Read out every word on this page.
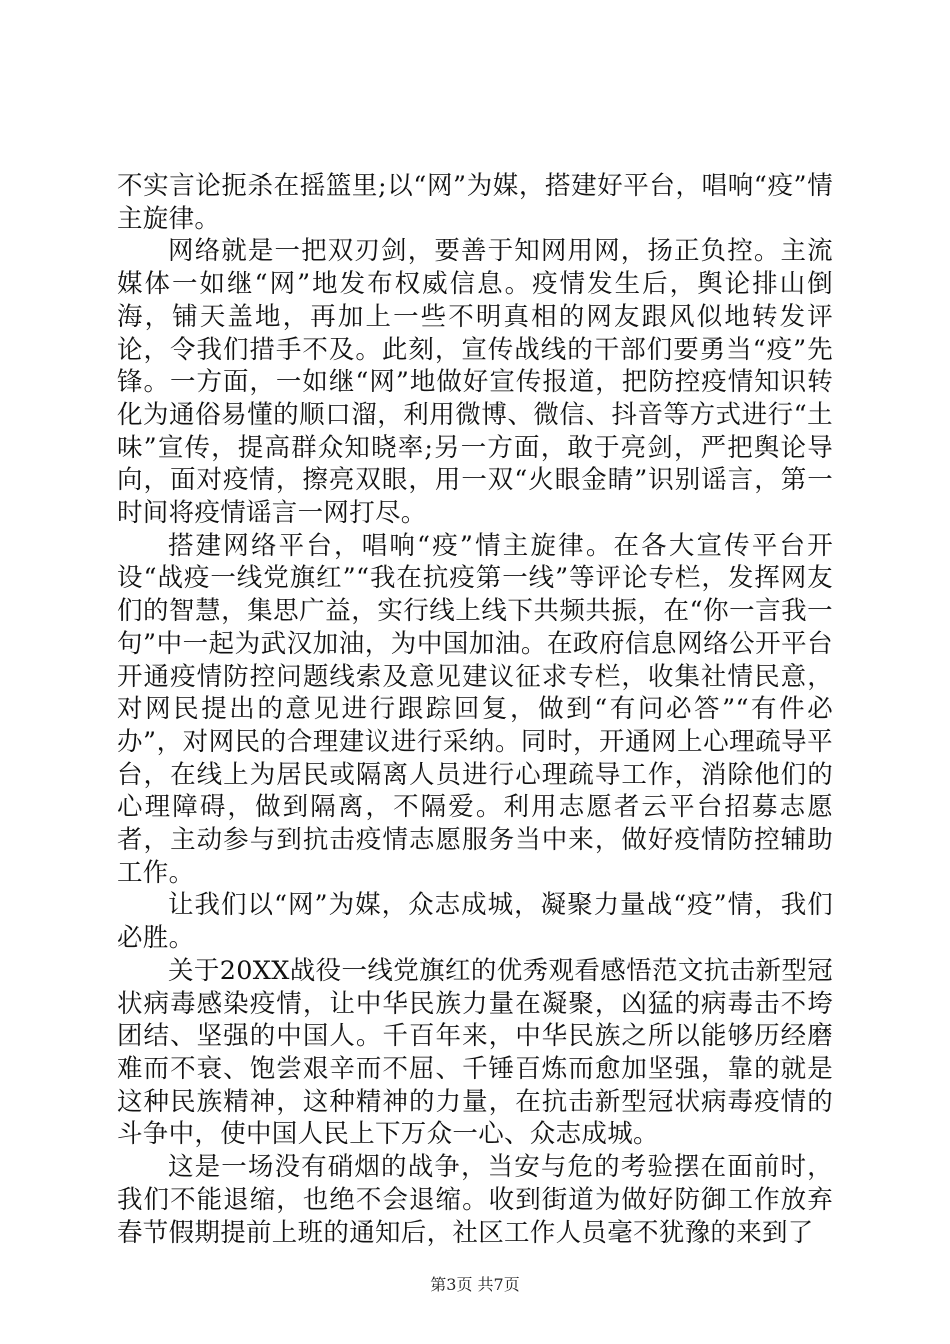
不实言论扼杀在摇篮里;以“网”为媒，搭建好平台，唱响“疫”情主旋律。

网络就是一把双刃剑，要善于知网用网，扬正负控。主流媒体一如继“网”地发布权威信息。疫情发生后，舆论排山倒海，铺天盖地，再加上一些不明真相的网友跟风似地转发评论，令我们措手不及。此刻，宣传战线的干部们要勇当“疫”先锋。一方面，一如继“网”地做好宣传报道，把防控疫情知识转化为通俗易懂的顺口溜，利用微博、微信、抖音等方式进行“土味”宣传，提高群众知晓率;另一方面，敢于亮剑，严把舆论导向，面对疫情，擦亮双眼，用一双“火眼金睛”识别谣言，第一时间将疫情谣言一网打尽。

搭建网络平台，唱响“疫”情主旋律。在各大宣传平台开设“战疫一线党旗红”“我在抗疫第一线”等评论专栏，发挥网友们的智慧，集思广益，实行线上线下共频共振，在“你一言我一句”中一起为武汉加油，为中国加油。在政府信息网络公开平台开通疫情防控问题线索及意见建议征求专栏，收集社情民意，对网民提出的意见进行跟踪回复，做到“有问必答”“有件必办”，对网民的合理建议进行采纳。同时，开通网上心理疏导平台，在线上为居民或隔离人员进行心理疏导工作，消除他们的心理障碍，做到隔离，不隔爱。利用志愿者云平台招募志愿者，主动参与到抗击疫情志愿服务当中来，做好疫情防控辅助工作。

让我们以“网”为媒，众志成城，凝聚力量战“疫”情，我们必胜。

关于20XX战役一线党旗红的优秀观看感悟范文抗击新型冠状病毒感染疫情，让中华民族力量在凝聚，凶猛的病毒击不垮团结、坚强的中国人。千百年来，中华民族之所以能够历经磨难而不衰、饱尝艰辛而不屈、千锤百炼而愈加坚强，靠的就是这种民族精神，这种精神的力量，在抗击新型冠状病毒疫情的斗争中，使中国人民上下万众一心、众志成城。

这是一场没有硝烟的战争，当安与危的考验摆在面前时，我们不能退缩，也绝不会退缩。收到街道为做好防御工作放弃春节假期提前上班的通知后，社区工作人员毫不犹豫的来到了

第3页 共7页
